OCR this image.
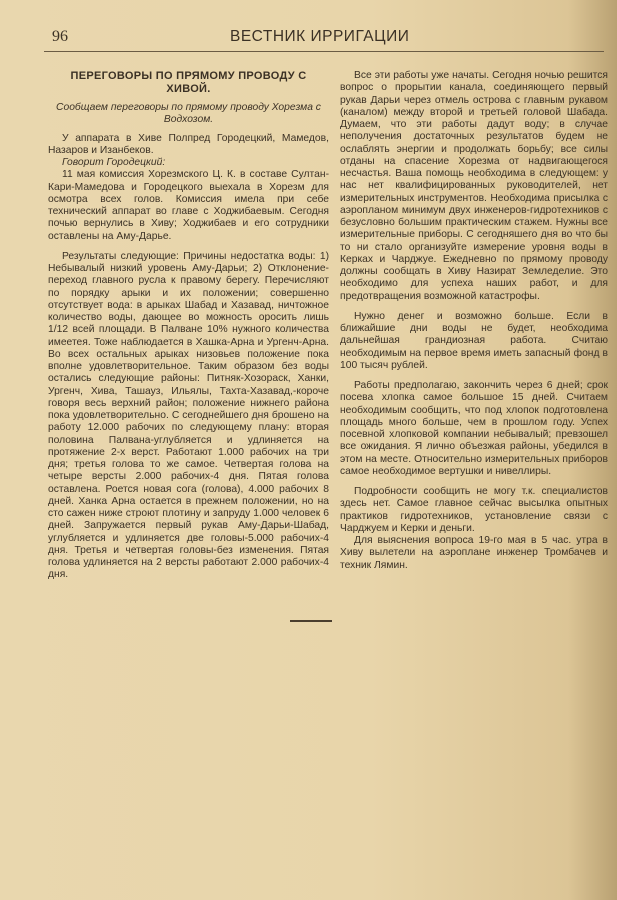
96	ВЕСТНИК ИРРИГАЦИИ
ПЕРЕГОВОРЫ ПО ПРЯМОМУ ПРОВОДУ С ХИВОЙ.
Сообщаем переговоры по прямому проводу Хорезма с Водхозом.

У аппарата в Хиве Полпред Городецкий, Мамедов, Назаров и Изанбеков.

Говорит Городецкий:

11 мая комиссия Хорезмского Ц. К. в составе Султан-Кари-Мамедова и Городецкого выехала в Хорезм для осмотра всех голов. Комиссия имела при себе технический аппарат во главе с Ходжибаевым. Сегодня почью вернулись в Хиву; Ходжибаев и его сотрудники оставлены на Аму-Дарье.

Результаты следующие: Причины недостатка воды: 1) Небывалый низкий уровень Аму-Дарьи; 2) Отклонение-переход главного русла к правому берегу. Перечисляют по порядку арыки и их положении; совершенно отсутствует вода: в арыках Шабад и Хазавад, ничтожное количество воды, дающее во можность оросить лишь 1/12 всей площади. В Палване 10% нужного количества имеетея. Тоже наблюдается в Хашка-Арна и Ургенч-Арна. Во всех остальных арыках низовьев положение пока вполне удовлетворительное. Таким образом без воды остались следующие районы: Питняк-Хозораск, Ханки, Ургенч, Хива, Ташауз, Ильялы, Тахта-Хазавад,-короче говоря весь верхний район; положение нижнего района пока удовлетворительно. С сегоднейшего дня брошено на работу 12.000 рабочих по следующему плану: вторая половина Палвана-углубляется и удлиняется на протяжение 2-х верст. Работают 1.000 рабочих на три дня; третья голова то же самое. Четвертая голова на четыре версты 2.000 рабочих-4 дня. Пятая голова оставлена. Роется новая сога (голова), 4.000 рабочих 8 дней. Ханка Арна остается в прежнем положении, но на сто сажен ниже строют плотину и запруду 1.000 человек 6 дней. Запружается первый рукав Аму-Дарьи-Шабад, углубляется и удлиняется две головы-5.000 рабочих-4 дня. Третья и четвертая головы-без изменения. Пятая голова удлиняется на 2 версты работают 2.000 рабочих-4 дня.

Все эти работы уже начаты. Сегодня ночью решится вопрос о прорытии канала, соединяющего первый рукав Дарьи через отмель острова с главным рукавом (каналом) между второй и третьей головой Шабада. Думаем, что эти работы дадут воду; в случае неполучения достаточных результатов будем не ослаблять энергии и продолжать борьбу; все силы отданы на спасение Хорезма от надвигающегося несчастья. Ваша помощь необходима в следующем: у нас нет квалифицированных руководителей, нет измерительных инструментов. Необходима присылка с аэропланом минимум двух инженеров-гидротехников с безусловно большим практическим стажем. Нужны все измерительные приборы. С сегодняшего дня во что бы то ни стало организуйте измерение уровня воды в Керках и Чарджуе. Ежедневно по прямому проводу должны сообщать в Хиву Назират Земледелие. Это необходимо для успеха наших работ, и для предотвращения возможной катастрофы.

Нужно денег и возможно больше. Если в ближайшие дни воды не будет, необходима дальнейшая грандиозная работа. Считаю необходимым на первое время иметь запасный фонд в 100 тысяч рублей.

Работы предполагаю, закончить через 6 дней; срок посева хлопка самое большое 15 дней. Считаем необходимым сообщить, что под хлопок подготовлена площадь много больше, чем в прошлом году. Успех посевной хлопковой компании небывалый; превзошел все ожидания. Я лично объезжая районы, убедился в этом на месте. Относительно измерительных приборов самое необходимое вертушки и нивеллиры.

Подробности сообщить не могу т.к. специалистов здесь нет. Самое главное сейчас высылка опытных практиков гидротехников, установление связи с Чарджуем и Керки и деньги.

Для выяснения вопроса 19-го мая в 5 час. утра в Хиву вылетели на аэроплане инженер Тромбачев и техник Лямин.
